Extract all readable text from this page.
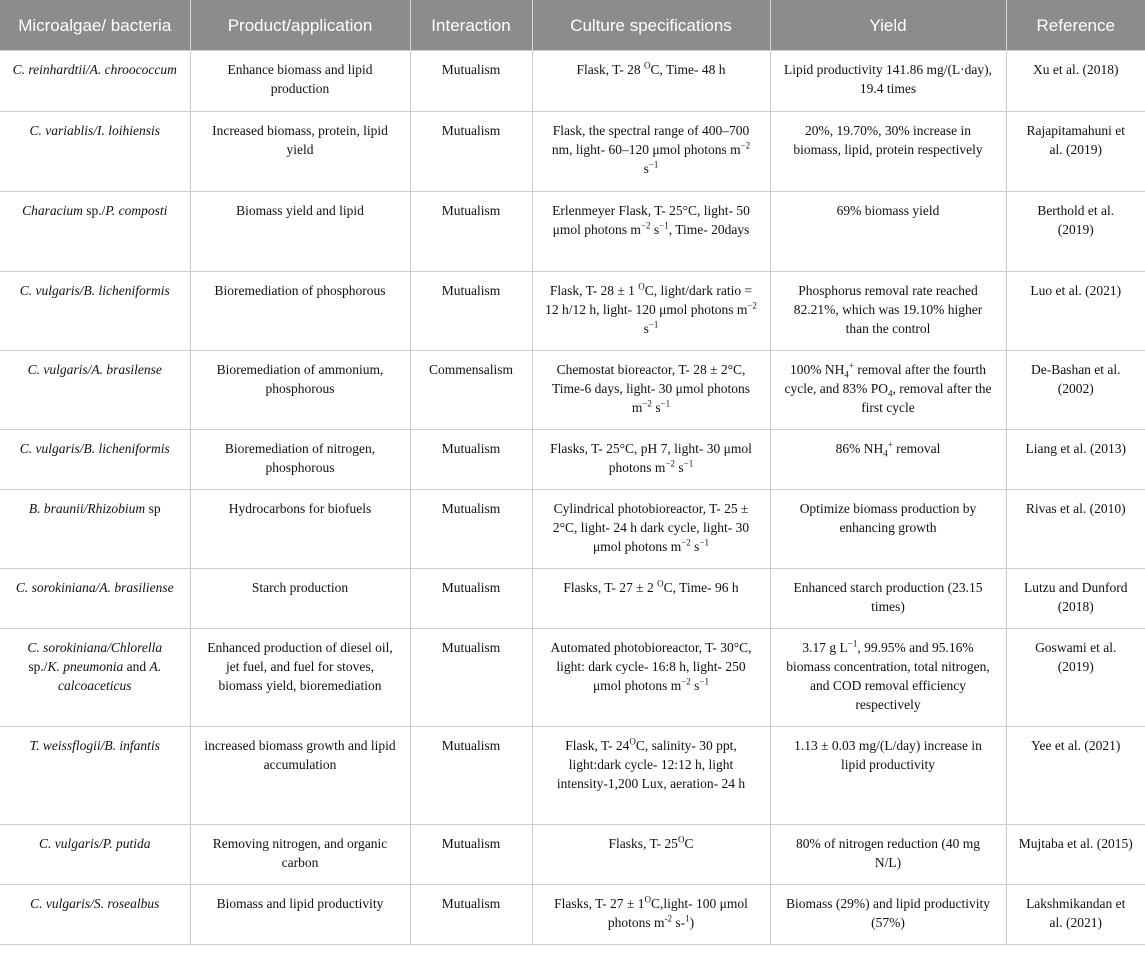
Microalgae/ bacteria	Product/application	Interaction	Culture specifications	Yield	Reference
C. reinhardtii/A. chroococcum	Enhance biomass and lipid production	Mutualism	Flask, T- 28 $^O$C, Time- 48 h	Lipid productivity 141.86 mg/(L·day), 19.4 times	Xu et al. (2018)
C. variablis/I. loihiensis	Increased biomass, protein, lipid yield	Mutualism	Flask, the spectral range of 400–700 nm, light- 60–120 μmol photons $m^{-2}$ $s^{-1}$	20%, 19.70%, 30% increase in biomass, lipid, protein respectively	Rajapitamahuni et al. (2019)
Characium sp./P. composti	Biomass yield and lipid	Mutualism	Erlenmeyer Flask, T- 25°C, light- 50 μmol photons $m^{-2}$ $s^{-1}$, Time- 20days	69% biomass yield	Berthold et al. (2019)
C. vulgaris/B. licheniformis	Bioremediation of phosphorous	Mutualism	Flask, T- 28 ± 1 $^O$C, light/dark ratio = 12 h/12 h, light- 120 μmol photons $m^{-2}$ $s^{-1}$	Phosphorus removal rate reached 82.21%, which was 19.10% higher than the control	Luo et al. (2021)
C. vulgaris/A. brasilense	Bioremediation of ammonium, phosphorous	Commensalism	Chemostat bioreactor, T- 28 ± 2°C, Time-6 days, light- 30 μmol photons $m^{-2}$ $s^{-1}$	100% $NH_4^+$ removal after the fourth cycle, and 83% $PO_4$, removal after the first cycle	De-Bashan et al. (2002)
C. vulgaris/B. licheniformis	Bioremediation of nitrogen, phosphorous	Mutualism	Flasks, T- 25°C, pH 7, light- 30 μmol photons $m^{-2}$ $s^{-1}$	86% $NH_4^+$ removal	Liang et al. (2013)
B. braunii/Rhizobium sp	Hydrocarbons for biofuels	Mutualism	Cylindrical photobioreactor, T- 25 ± 2°C, light- 24 h dark cycle, light- 30 μmol photons $m^{-2}$ $s^{-1}$	Optimize biomass production by enhancing growth	Rivas et al. (2010)
C. sorokiniana/A. brasiliense	Starch production	Mutualism	Flasks, T- 27 ± 2 $^O$C, Time- 96 h	Enhanced starch production (23.15 times)	Lutzu and Dunford (2018)
C. sorokiniana/Chlorella sp./K. pneumonia and A. calcoaceticus	Enhanced production of diesel oil, jet fuel, and fuel for stoves, biomass yield, bioremediation	Mutualism	Automated photobioreactor, T- 30°C, light: dark cycle- 16:8 h, light- 250 μmol photons $m^{-2}$ $s^{-1}$	3.17 g $L^{-1}$, 99.95% and 95.16% biomass concentration, total nitrogen, and COD removal efficiency respectively	Goswami et al. (2019)
T. weissflogii/B. infantis	increased biomass growth and lipid accumulation	Mutualism	Flask, T- $24^OC$, salinity- 30 ppt, light:dark cycle- 12:12 h, light intensity-1,200 Lux, aeration- 24 h	1.13 ± 0.03 mg/(L/day) increase in lipid productivity	Yee et al. (2021)
C. vulgaris/P. putida	Removing nitrogen, and organic carbon	Mutualism	Flasks, T- $25^OC$	80% of nitrogen reduction (40 mg N/L)	Mujtaba et al. (2015)
C. vulgaris/S. rosealbus	Biomass and lipid productivity	Mutualism	Flasks, T- $27 \pm 1^OC,light-$ 100 μmol photons $m^{-2}$ s-$^1$)	Biomass (29%) and lipid productivity (57%)	Lakshmikandan et al. (2021)
